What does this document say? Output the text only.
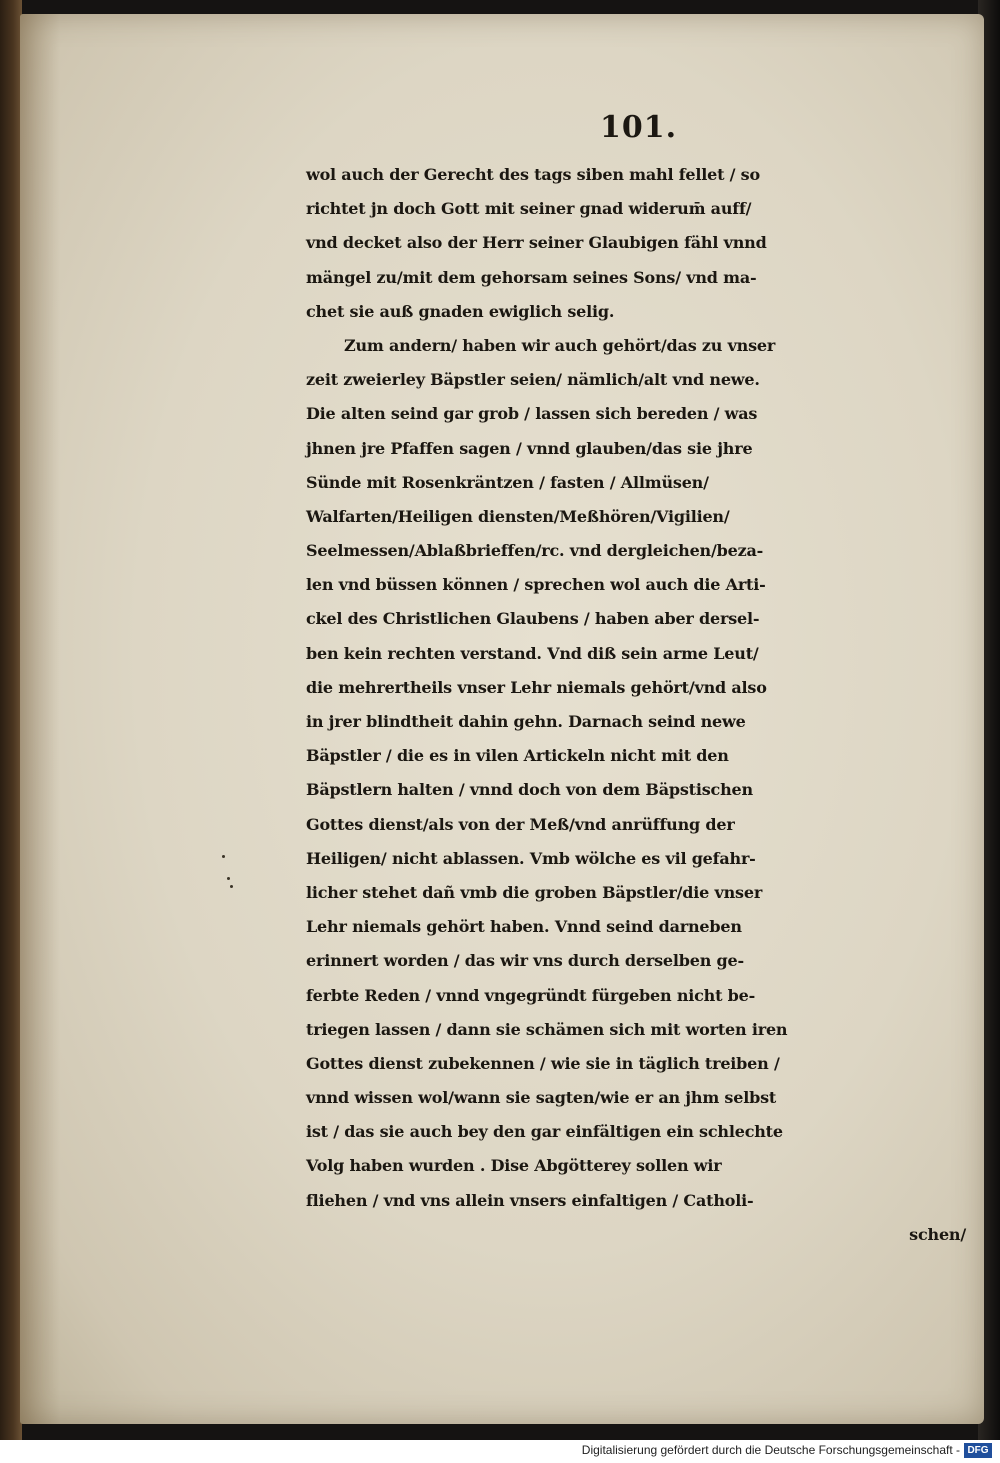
101.
wol auch der Gerecht des tags siben mahl fellet / so
richtet jn doch Gott mit seiner gnad widerum̄ auff/
vnd decket also der Herr seiner Glaubigen fähl vnnd
mängel zu/mit dem gehorsam seines Sons/ vnd ma-
chet sie auß gnaden ewiglich selig.
Zum andern/ haben wir auch gehört/das zu vnser
zeit zweierley Bäpstler seien/ nämlich/alt vnd newe.
Die alten seind gar grob / lassen sich bereden / was
jhnen jre Pfaffen sagen / vnnd glauben/das sie jhre
Sünde mit Rosenkräntzen / fasten / Allmüsen/
Walfarten/Heiligen diensten/Meßhören/Vigilien/
Seelmessen/Ablaßbrieffen/rc. vnd dergleichen/beza-
len vnd büssen können / sprechen wol auch die Arti-
ckel des Christlichen Glaubens / haben aber dersel-
ben kein rechten verstand. Vnd diß sein arme Leut/
die mehrertheils vnser Lehr niemals gehört/vnd also
in jrer blindtheit dahin gehn. Darnach seind newe
Bäpstler / die es in vilen Artickeln nicht mit den
Bäpstlern halten / vnnd doch von dem Bäpstischen
Gottes dienst/als von der Meß/vnd anrüffung der
Heiligen/ nicht ablassen. Vmb wölche es vil gefahr-
licher stehet dañ vmb die groben Bäpstler/die vnser
Lehr niemals gehört haben. Vnnd seind darneben
erinnert worden / das wir vns durch derselben ge-
ferbte Reden / vnnd vngegründt fürgeben nicht be-
triegen lassen / dann sie schämen sich mit worten iren
Gottes dienst zubekennen / wie sie in täglich treiben /
vnnd wissen wol/wann sie sagten/wie er an jhm selbst
ist / das sie auch bey den gar einfältigen ein schlechte
Volg haben wurden . Dise Abgötterey sollen wir
fliehen / vnd vns allein vnsers einfaltigen / Catholi-
schen/
Digitalisierung gefördert durch die Deutsche Forschungsgemeinschaft - DFG
